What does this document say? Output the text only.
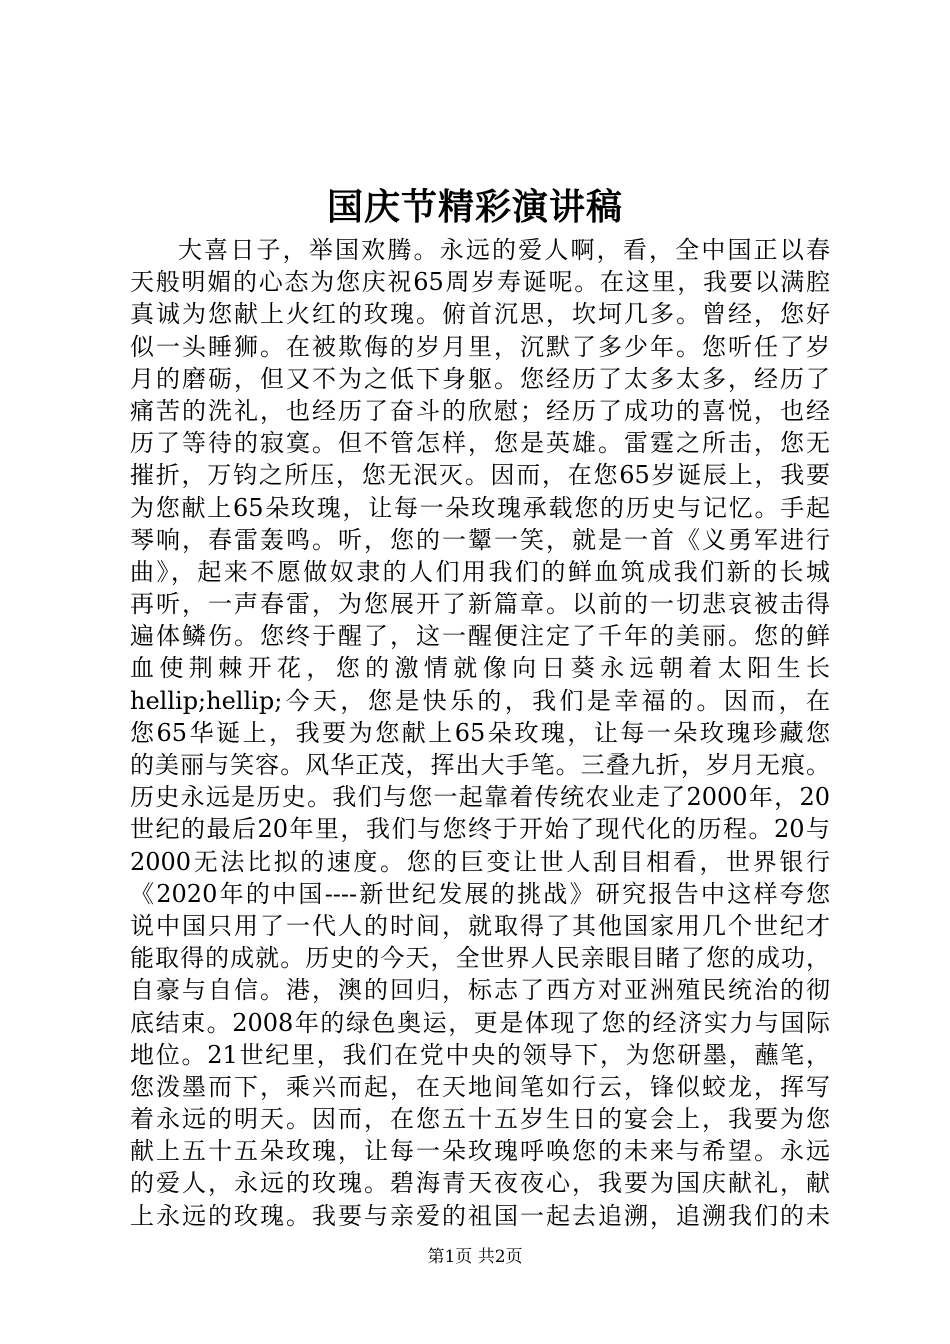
国庆节精彩演讲稿
大喜日子，举国欢腾。永远的爱人啊，看，全中国正以春
天般明媚的心态为您庆祝65周岁寿诞呢。在这里，我要以满腔
真诚为您献上火红的玫瑰。俯首沉思，坎坷几多。曾经，您好
似一头睡狮。在被欺侮的岁月里，沉默了多少年。您听任了岁
月的磨砺，但又不为之低下身躯。您经历了太多太多，经历了
痛苦的洗礼，也经历了奋斗的欣慰；经历了成功的喜悦，也经
历了等待的寂寞。但不管怎样，您是英雄。雷霆之所击，您无
摧折，万钧之所压，您无泯灭。因而，在您65岁诞辰上，我要
为您献上65朵玫瑰，让每一朵玫瑰承载您的历史与记忆。手起
琴响，春雷轰鸣。听，您的一颦一笑，就是一首《义勇军进行
曲》，起来不愿做奴隶的人们用我们的鲜血筑成我们新的长城
再听，一声春雷，为您展开了新篇章。以前的一切悲哀被击得
遍体鳞伤。您终于醒了，这一醒便注定了千年的美丽。您的鲜
血使荆棘开花，您的激情就像向日葵永远朝着太阳生长
hellip;hellip;今天，您是快乐的，我们是幸福的。因而，在
您65华诞上，我要为您献上65朵玫瑰，让每一朵玫瑰珍藏您
的美丽与笑容。风华正茂，挥出大手笔。三叠九折，岁月无痕。
历史永远是历史。我们与您一起靠着传统农业走了2000年，20
世纪的最后20年里，我们与您终于开始了现代化的历程。20与
2000无法比拟的速度。您的巨变让世人刮目相看，世界银行
《2020年的中国----新世纪发展的挑战》研究报告中这样夸您
说中国只用了一代人的时间，就取得了其他国家用几个世纪才
能取得的成就。历史的今天，全世界人民亲眼目睹了您的成功，
自豪与自信。港，澳的回归，标志了西方对亚洲殖民统治的彻
底结束。2008年的绿色奥运，更是体现了您的经济实力与国际
地位。21世纪里，我们在党中央的领导下，为您研墨，蘸笔，
您泼墨而下，乘兴而起，在天地间笔如行云，锋似蛟龙，挥写
着永远的明天。因而，在您五十五岁生日的宴会上，我要为您
献上五十五朵玫瑰，让每一朵玫瑰呼唤您的未来与希望。永远
的爱人，永远的玫瑰。碧海青天夜夜心，我要为国庆献礼，献
上永远的玫瑰。我要与亲爱的祖国一起去追溯，追溯我们的未
第1页 共2页
